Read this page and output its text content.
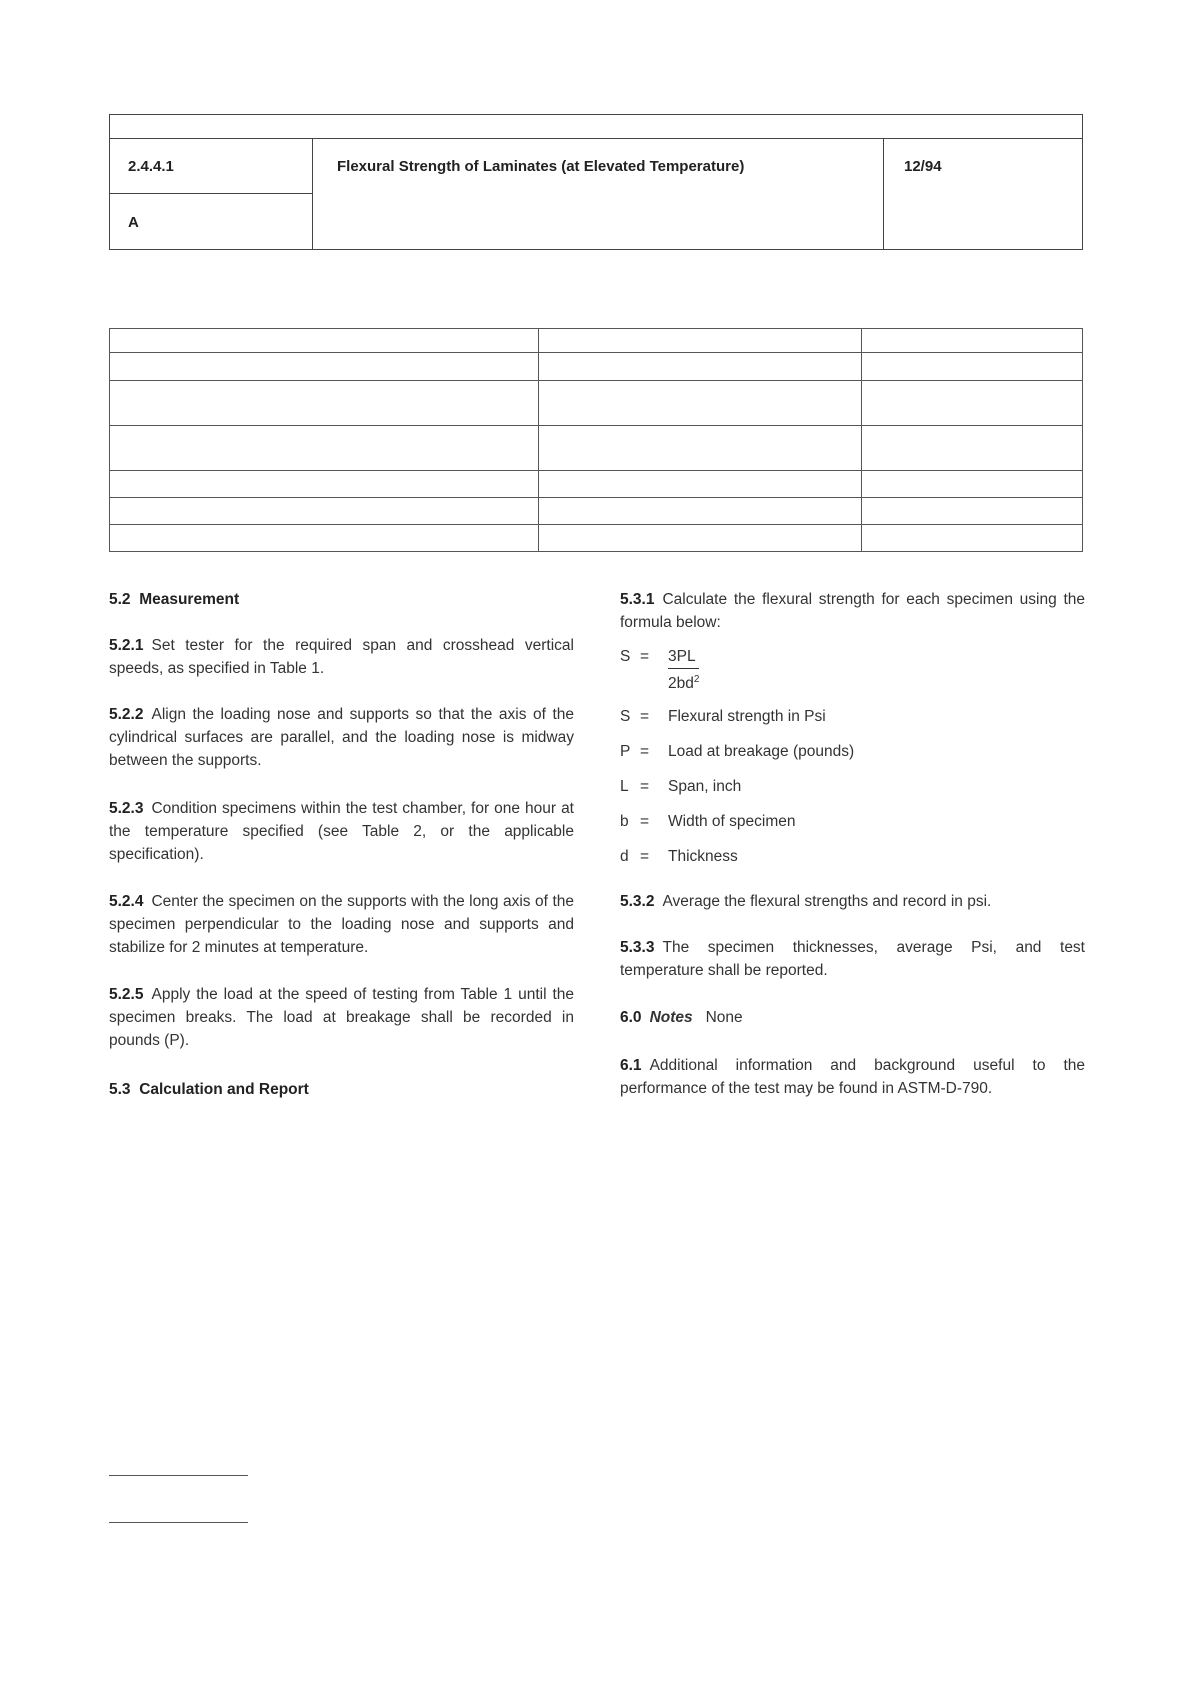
2.4.4.1
A
Flexural Strength of Laminates (at Elevated Temperature)	12/94
5.2 Measurement
5.2.1 Set tester for the required span and crosshead vertical speeds, as specified in Table 1.
5.2.2 Align the loading nose and supports so that the axis of the cylindrical surfaces are parallel, and the loading nose is midway between the supports.
5.2.3 Condition specimens within the test chamber, for one hour at the temperature specified (see Table 2, or the applicable specification).
5.2.4 Center the specimen on the supports with the long axis of the specimen perpendicular to the loading nose and supports and stabilize for 2 minutes at temperature.
5.2.5 Apply the load at the speed of testing from Table 1 until the specimen breaks. The load at breakage shall be recorded in pounds (P).
5.3 Calculation and Report
5.3.1 Calculate the flexural strength for each specimen using the formula below:
S =	$\frac{3PL}{2bd^2}$
S = Flexural strength in Psi
P = Load at breakage (pounds)
L = Span, inch
b = Width of specimen
d = Thickness
5.3.2 Average the flexural strengths and record in psi.
5.3.3 The specimen thicknesses, average Psi, and test temperature shall be reported.
6.0 Notes None
6.1 Additional information and background useful to the performance of the test may be found in ASTM-D-790.
